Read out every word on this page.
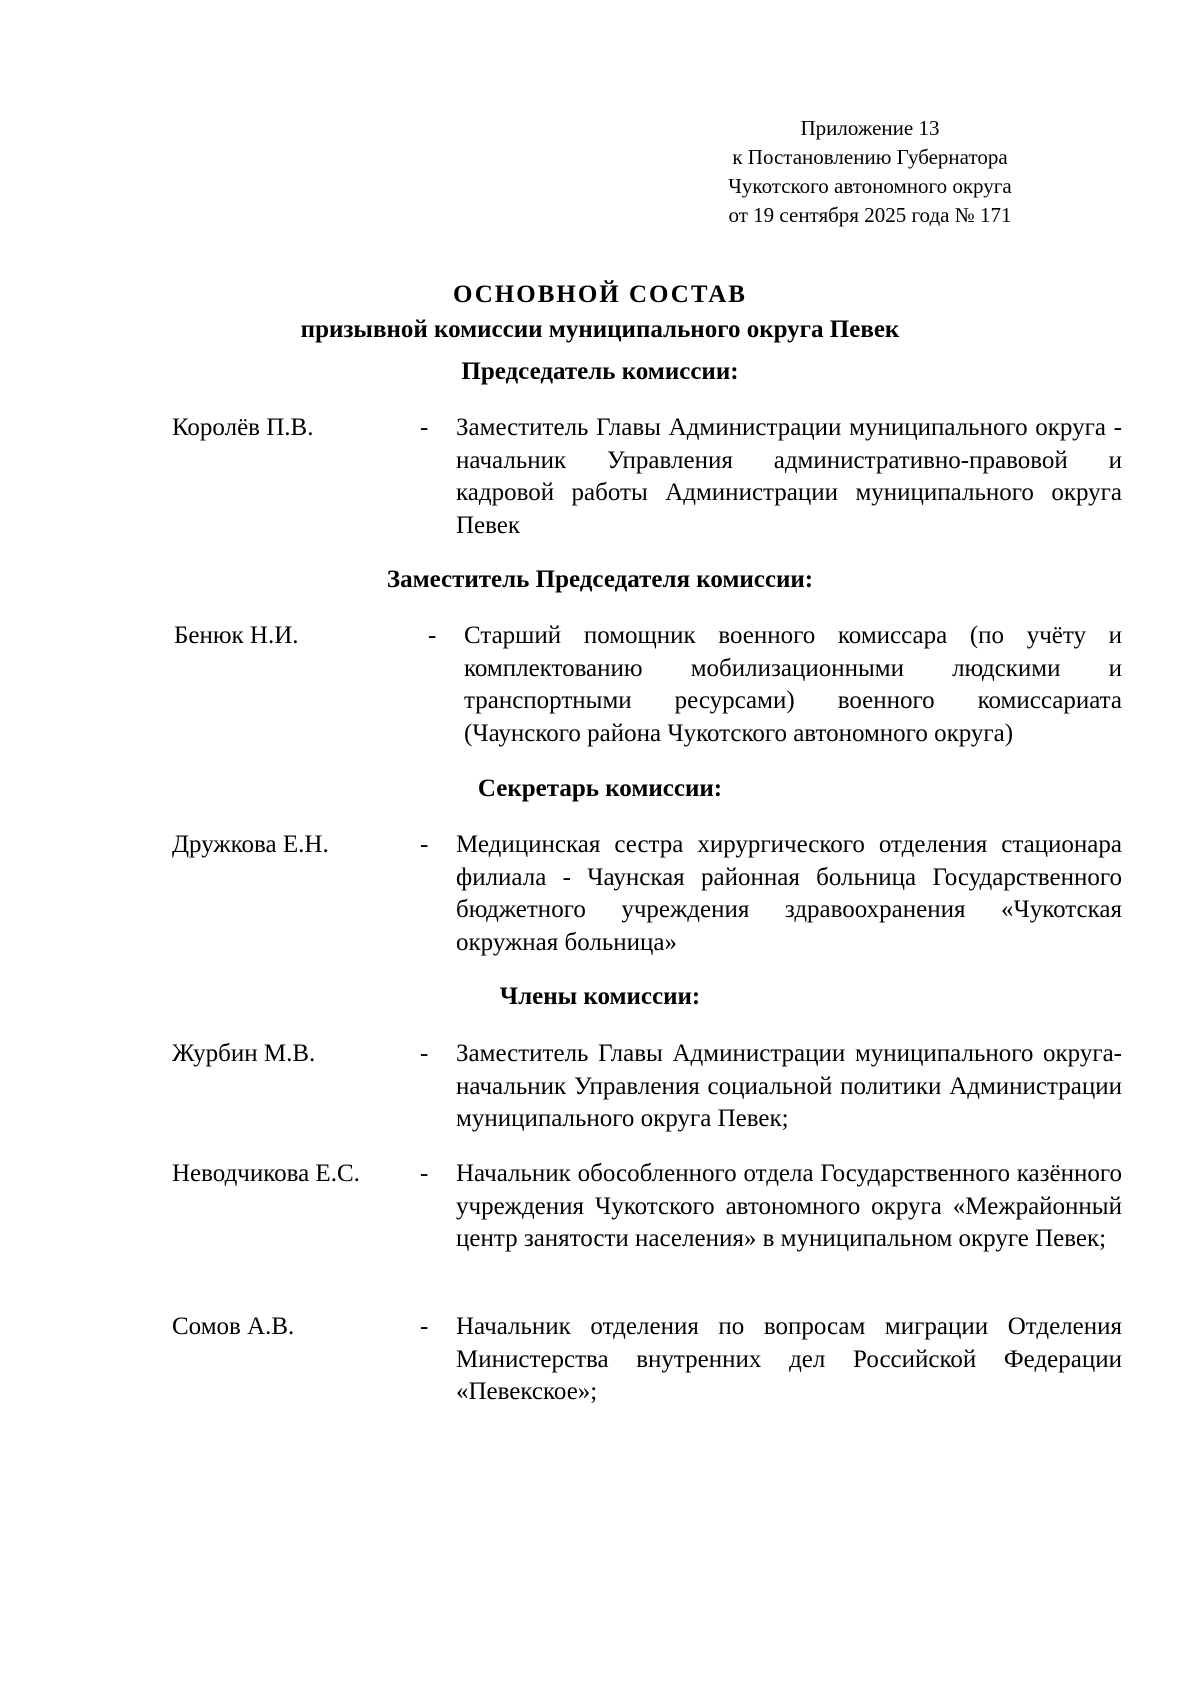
Приложение 13
к Постановлению Губернатора
Чукотского автономного округа
от 19 сентября 2025 года № 171
ОСНОВНОЙ СОСТАВ
призывной комиссии муниципального округа Певек
Председатель комиссии:
Королёв П.В.	- Заместитель Главы Администрации муниципального округа - начальник Управления административно-правовой и кадровой работы Администрации муниципального округа Певек
Заместитель Председателя комиссии:
Бенюк Н.И.	- Старший помощник военного комиссара (по учёту и комплектованию мобилизационными людскими и транспортными ресурсами) военного комиссариата (Чаунского района Чукотского автономного округа)
Секретарь комиссии:
Дружкова Е.Н.	- Медицинская сестра хирургического отделения стационара филиала - Чаунская районная больница Государственного бюджетного учреждения здравоохранения «Чукотская окружная больница»
Члены комиссии:
Журбин М.В.	- Заместитель Главы Администрации муниципального округа- начальник Управления социальной политики Администрации муниципального округа Певек;
Неводчикова Е.С. - Начальник обособленного отдела Государственного казённого учреждения Чукотского автономного округа «Межрайонный центр занятости населения» в муниципальном округе Певек;
Сомов А.В.	- Начальник отделения по вопросам миграции Отделения Министерства внутренних дел Российской Федерации «Певекское»;
